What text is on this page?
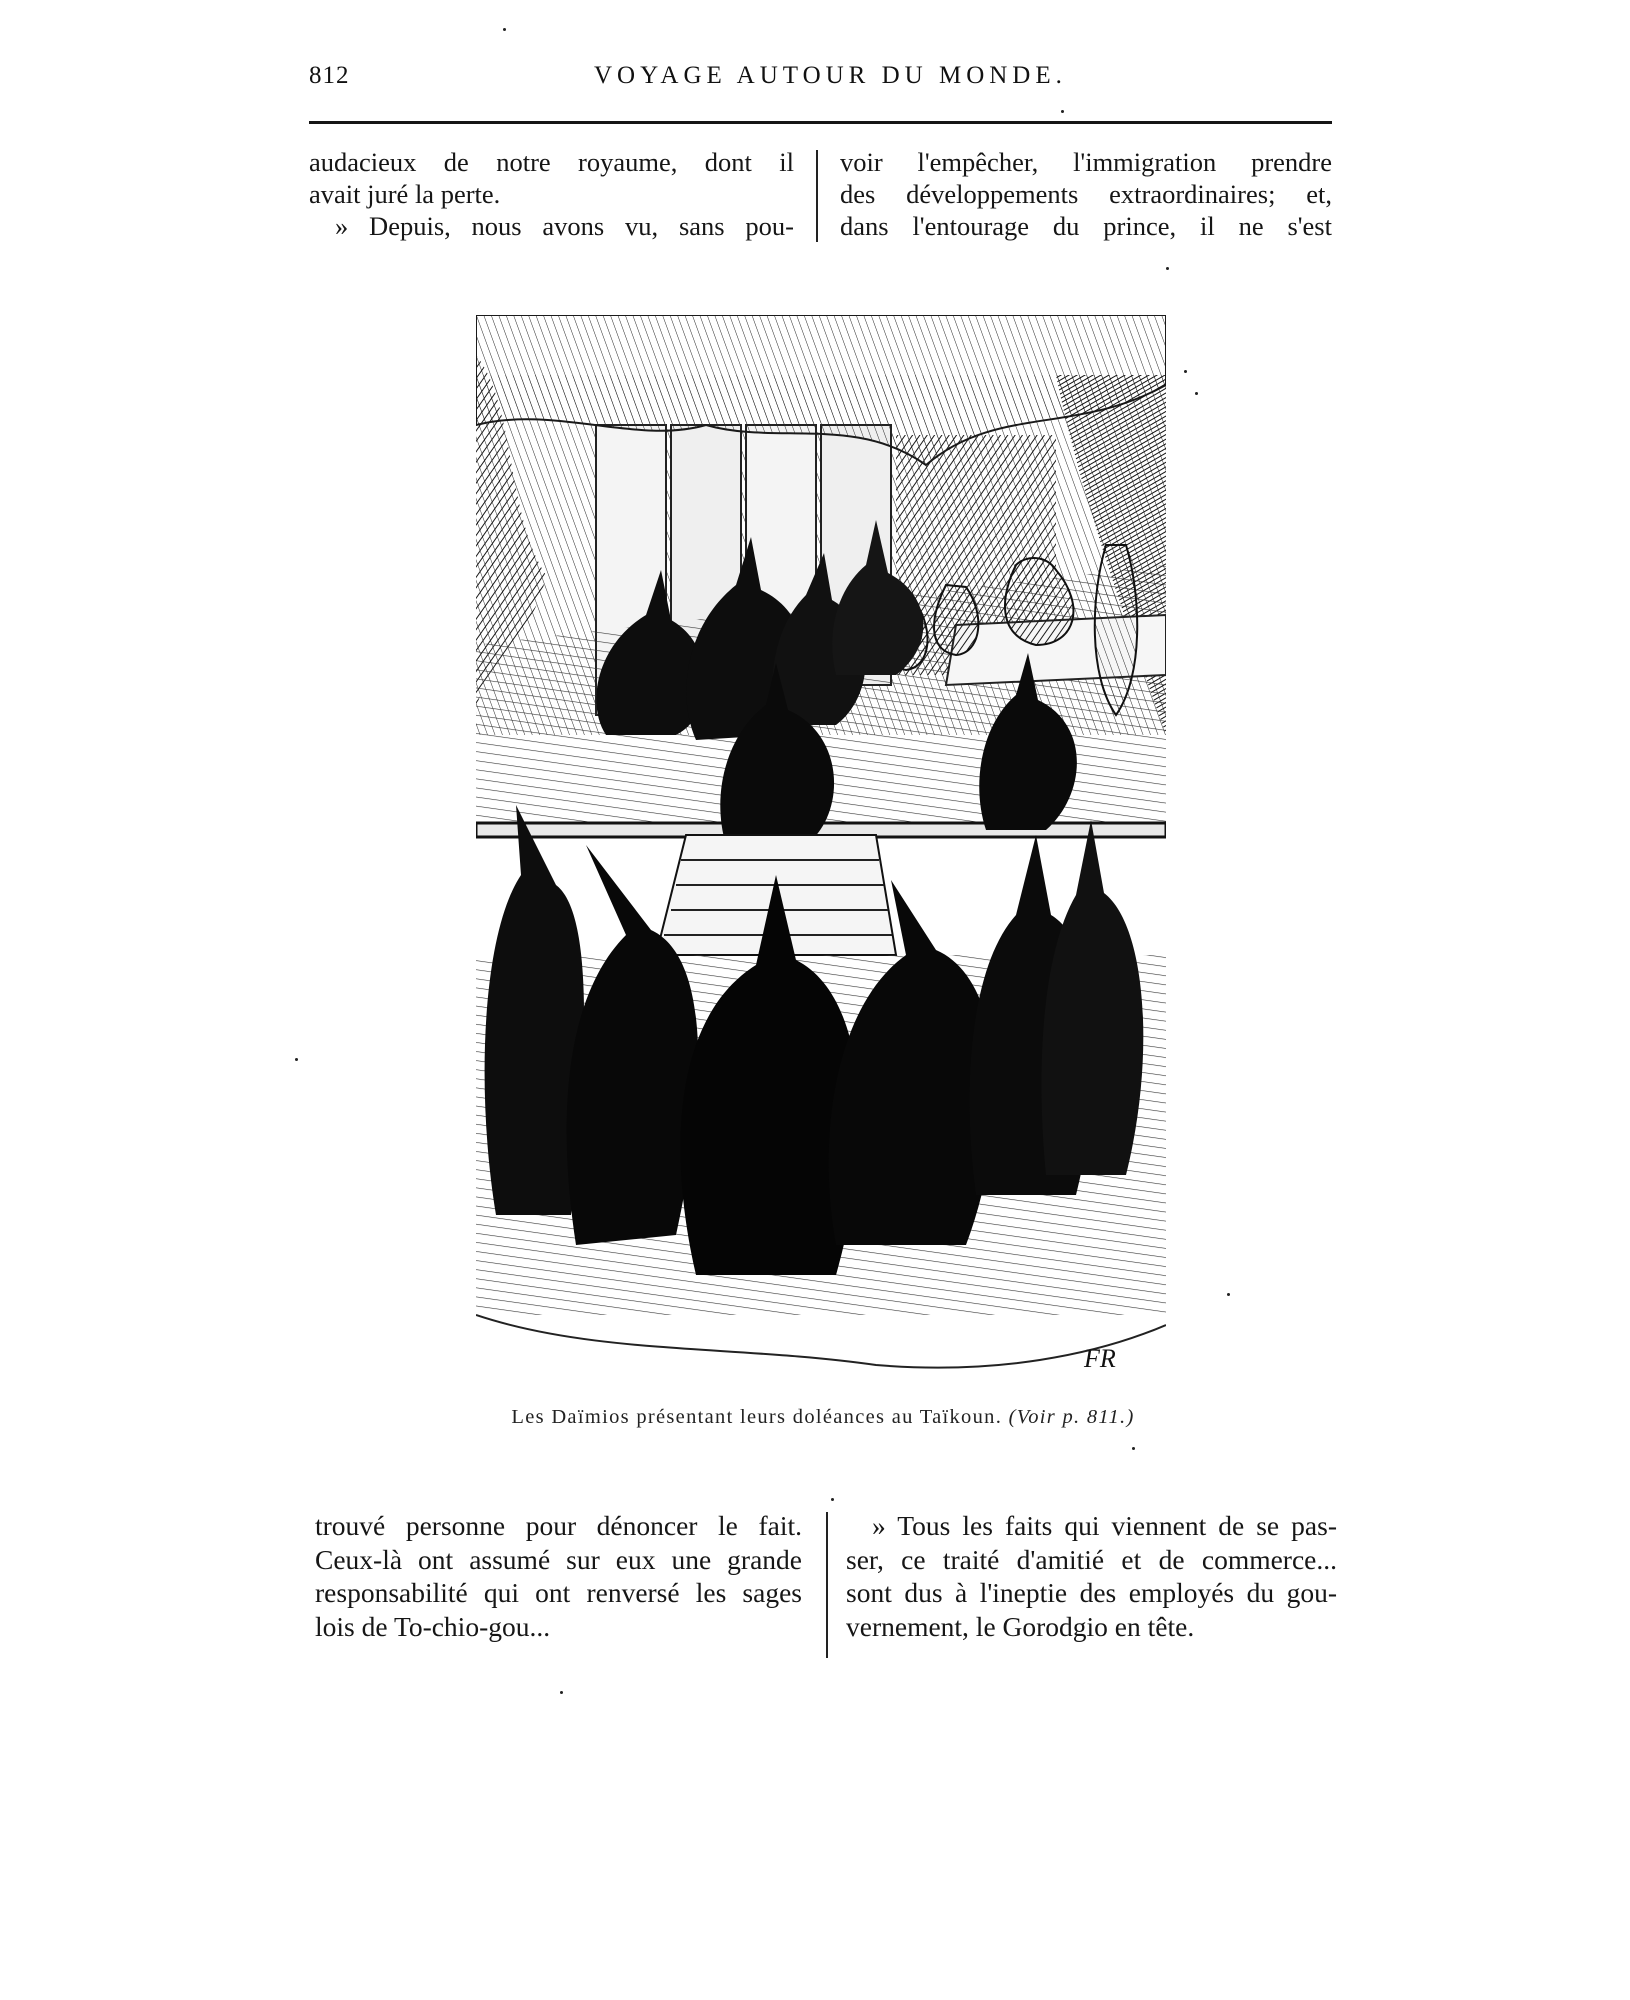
812	VOYAGE AUTOUR DU MONDE.
audacieux de notre royaume, dont il
avait juré la perte.
» Depuis, nous avons vu, sans pou-
voir l'empêcher, l'immigration prendre
des développements extraordinaires; et,
dans l'entourage du prince, il ne s'est
FR
Les Daïmios présentant leurs doléances au Taïkoun. (Voir p. 811.)
trouvé personne pour dénoncer le fait.
Ceux-là ont assumé sur eux une grande
responsabilité qui ont renversé les sages
lois de To-chio-gou...
» Tous les faits qui viennent de se pas-
ser, ce traité d'amitié et de commerce...
sont dus à l'ineptie des employés du gou-
vernement, le Gorodgio en tête.
